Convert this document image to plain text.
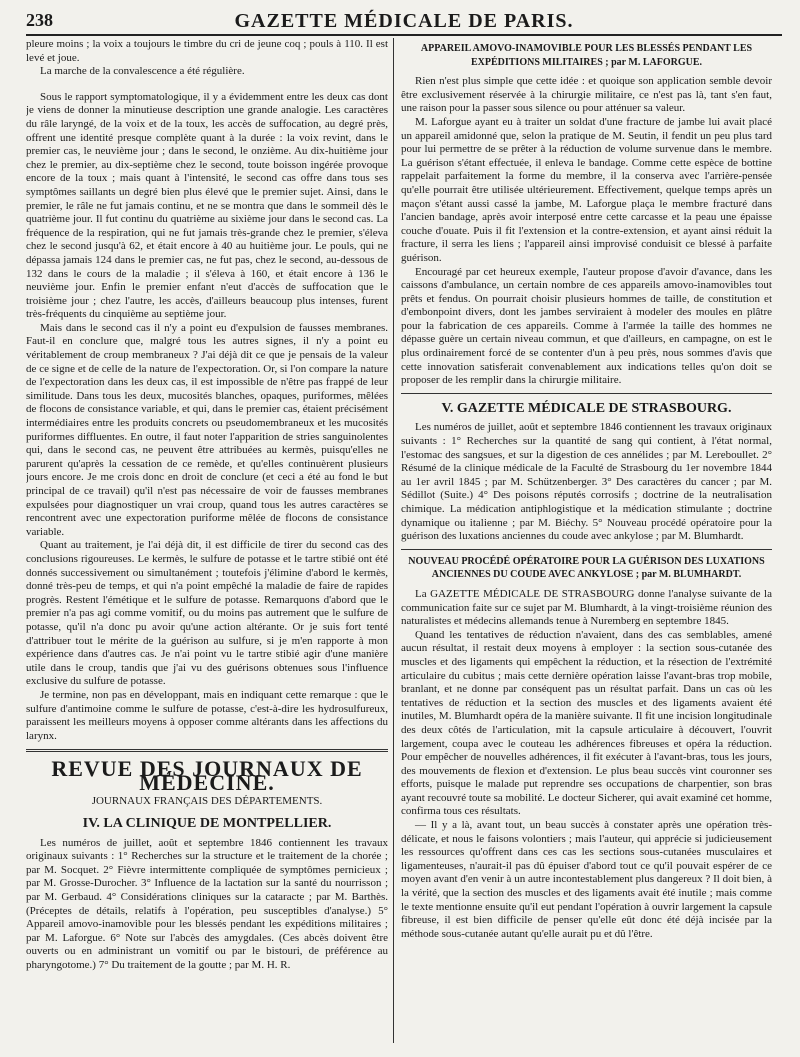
238	GAZETTE MÉDICALE DE PARIS.

pleure moins ; la voix a toujours le timbre du cri de jeune coq ; pouls à 110. Il est levé et joue.

La marche de la convalescence a été régulière.

Sous le rapport symptomatologique, il y a évidemment entre les deux cas dont je viens de donner la minutieuse description une grande analogie. Les caractères du râle laryngé, de la voix et de la toux, les accès de suffocation, au degré près, offrent une identité presque complète quant à la durée : la voix revint, dans le premier cas, le neuvième jour ; dans le second, le onzième. Au dix-huitième jour chez le premier, au dix-septième chez le second, toute boisson ingérée provoque encore de la toux ; mais quant à l'intensité, le second cas offre dans tous ses symptômes saillants un degré bien plus élevé que le premier sujet. Ainsi, dans le premier, le râle ne fut jamais continu, et ne se montra que dans le sommeil dès le quatrième jour. Il fut continu du quatrième au sixième jour dans le second cas. La fréquence de la respiration, qui ne fut jamais très-grande chez le premier, s'éleva chez le second jusqu'à 62, et était encore à 40 au huitième jour. Le pouls, qui ne dépassa jamais 124 dans le premier cas, ne fut pas, chez le second, au-dessous de 132 dans le cours de la maladie ; il s'éleva à 160, et était encore à 136 le neuvième jour. Enfin le premier enfant n'eut d'accès de suffocation que le troisième jour ; chez l'autre, les accès, d'ailleurs beaucoup plus intenses, furent très-fréquents du cinquième au septième jour.

Mais dans le second cas il n'y a point eu d'expulsion de fausses membranes. Faut-il en conclure que, malgré tous les autres signes, il n'y a point eu véritablement de croup membraneux ? J'ai déjà dit ce que je pensais de la valeur de ce signe et de celle de la nature de l'expectoration. Or, si l'on compare la nature de l'expectoration dans les deux cas, il est impossible de n'être pas frappé de leur similitude. Dans tous les deux, mucosités blanches, opaques, puriformes, mêlées de flocons de consistance variable, et qui, dans le premier cas, étaient précisément intermédiaires entre les produits concrets ou pseudomembraneux et les mucosités puriformes diffluentes. En outre, il faut noter l'apparition de stries sanguinolentes qui, dans le second cas, ne peuvent être attribuées au kermès, puisqu'elles ne parurent qu'après la cessation de ce remède, et qu'elles continuèrent plusieurs jours encore. Je me crois donc en droit de conclure (et ceci a été au fond le but principal de ce travail) qu'il n'est pas nécessaire de voir de fausses membranes expulsées pour diagnostiquer un vrai croup, quand tous les autres caractères se rencontrent avec une expectoration puriforme mêlée de flocons de consistance variable.

Quant au traitement, je l'ai déjà dit, il est difficile de tirer du second cas des conclusions rigoureuses. Le kermès, le sulfure de potasse et le tartre stibié ont été donnés successivement ou simultanément ; toutefois j'élimine d'abord le kermès, donné très-peu de temps, et qui n'a point empêché la maladie de faire de rapides progrès. Restent l'émétique et le sulfure de potasse. Remarquons d'abord que le premier n'a pas agi comme vomitif, ou du moins pas autrement que le sulfure de potasse, qu'il n'a donc pu avoir qu'une action altérante. Or je suis fort tenté d'attribuer tout le mérite de la guérison au sulfure, si je m'en rapporte à mon expérience dans d'autres cas. Je n'ai point vu le tartre stibié agir d'une manière utile dans le croup, tandis que j'ai vu des guérisons obtenues sous l'influence exclusive du sulfure de potasse.

Je termine, non pas en développant, mais en indiquant cette remarque : que le sulfure d'antimoine comme le sulfure de potasse, c'est-à-dire les hydrosulfureux, paraissent les meilleurs moyens à opposer comme altérants dans les affections du larynx.

REVUE DES JOURNAUX DE MÉDECINE.
JOURNAUX FRANÇAIS DES DÉPARTEMENTS.
IV. LA CLINIQUE DE MONTPELLIER.

Les numéros de juillet, août et septembre 1846 contiennent les travaux originaux suivants : 1° Recherches sur la structure et le traitement de la chorée ; par M. Socquet. 2° Fièvre intermittente compliquée de symptômes pernicieux ; par M. Grosse-Durocher. 3° Influence de la lactation sur la santé du nourrisson ; par M. Gerbaud. 4° Considérations cliniques sur la cataracte ; par M. Barthès. (Préceptes de détails, relatifs à l'opération, peu susceptibles d'analyse.) 5° Appareil amovo-inamovible pour les blessés pendant les expéditions militaires ; par M. Laforgue. 6° Note sur l'abcès des amygdales. (Ces abcès doivent être ouverts ou en administrant un vomitif ou par le bistouri, de préférence au pharyngotome.) 7° Du traitement de la goutte ; par M. H. R.

APPAREIL AMOVO-INAMOVIBLE POUR LES BLESSÉS PENDANT LES EXPÉDITIONS MILITAIRES ; par M. LAFORGUE.

Rien n'est plus simple que cette idée : et quoique son application semble devoir être exclusivement réservée à la chirurgie militaire, ce n'est pas là, tant s'en faut, une raison pour la passer sous silence ou pour atténuer sa valeur.

M. Laforgue ayant eu à traiter un soldat d'une fracture de jambe lui avait placé un appareil amidonné que, selon la pratique de M. Seutin, il fendit un peu plus tard pour lui permettre de se prêter à la réduction de volume survenue dans le membre. La guérison s'étant effectuée, il enleva le bandage. Comme cette espèce de bottine rappelait parfaitement la forme du membre, il la conserva avec l'arrière-pensée qu'elle pourrait être utilisée ultérieurement. Effectivement, quelque temps après un maçon s'étant aussi cassé la jambe, M. Laforgue plaça le membre fracturé dans l'ancien bandage, après avoir interposé entre cette carcasse et la peau une épaisse couche d'ouate. Puis il fit l'extension et la contre-extension, et ayant ainsi réduit la fracture, il serra les liens ; l'appareil ainsi improvisé conduisit ce blessé à parfaite guérison.

Encouragé par cet heureux exemple, l'auteur propose d'avoir d'avance, dans les caissons d'ambulance, un certain nombre de ces appareils amovo-inamovibles tout prêts et fendus. On pourrait choisir plusieurs hommes de taille, de constitution et d'embonpoint divers, dont les jambes serviraient à modeler des moules en plâtre pour la fabrication de ces appareils. Comme à l'armée la taille des hommes ne dépasse guère un certain niveau commun, et que d'ailleurs, en campagne, on est le plus ordinairement forcé de se contenter d'un à peu près, nous sommes d'avis que cette innovation satisferait convenablement aux indications telles qu'on doit se proposer de les remplir dans la chirurgie militaire.

V. GAZETTE MÉDICALE DE STRASBOURG.

Les numéros de juillet, août et septembre 1846 contiennent les travaux originaux suivants : 1° Recherches sur la quantité de sang qui contient, à l'état normal, l'estomac des sangsues, et sur la digestion de ces annélides ; par M. Lereboullet. 2° Résumé de la clinique médicale de la Faculté de Strasbourg du 1er novembre 1844 au 1er avril 1845 ; par M. Schützenberger. 3° Des caractères du cancer ; par M. Sédillot (Suite.) 4° Des poisons réputés corrosifs ; doctrine de la neutralisation chimique. La médication antiphlogistique et la médication stimulante ; doctrine dynamique ou italienne ; par M. Biéchy. 5° Nouveau procédé opératoire pour la guérison des luxations anciennes du coude avec ankylose ; par M. Blumhardt.

NOUVEAU PROCÉDÉ OPÉRATOIRE POUR LA GUÉRISON DES LUXATIONS ANCIENNES DU COUDE AVEC ANKYLOSE ; par M. BLUMHARDT.

La GAZETTE MÉDICALE DE STRASBOURG donne l'analyse suivante de la communication faite sur ce sujet par M. Blumhardt, à la vingt-troisième réunion des naturalistes et médecins allemands tenue à Nuremberg en septembre 1845.

Quand les tentatives de réduction n'avaient, dans des cas semblables, amené aucun résultat, il restait deux moyens à employer : la section sous-cutanée des muscles et des ligaments qui empêchent la réduction, et la résection de l'extrémité articulaire du cubitus ; mais cette dernière opération laisse l'avant-bras trop mobile, branlant, et ne donne par conséquent pas un résultat parfait. Dans un cas où les tentatives de réduction et la section des muscles et des ligaments avaient été inutiles, M. Blumhardt opéra de la manière suivante. Il fit une incision longitudinale des deux côtés de l'articulation, mit la capsule articulaire à découvert, l'ouvrit largement, coupa avec le couteau les adhérences fibreuses et opéra la réduction. Pour empêcher de nouvelles adhérences, il fit exécuter à l'avant-bras, tous les jours, des mouvements de flexion et d'extension. Le plus beau succès vint couronner ses efforts, puisque le malade put reprendre ses occupations de charpentier, son bras ayant recouvré toute sa mobilité. Le docteur Sicherer, qui avait examiné cet homme, confirma tous ces résultats.

— Il y a là, avant tout, un beau succès à constater après une opération très-délicate, et nous le faisons volontiers ; mais l'auteur, qui apprécie si judicieusement les ressources qu'offrent dans ces cas les sections sous-cutanées musculaires et ligamenteuses, n'aurait-il pas dû épuiser d'abord tout ce qu'il pouvait espérer de ce moyen avant d'en venir à un autre incontestablement plus dangereux ? Il doit bien, à la vérité, que la section des muscles et des ligaments avait été inutile ; mais comme le texte mentionne ensuite qu'il eut pendant l'opération à ouvrir largement la capsule fibreuse, il est bien difficile de penser qu'elle eût donc été déjà incisée par la méthode sous-cutanée autant qu'elle aurait pu et dû l'être.
